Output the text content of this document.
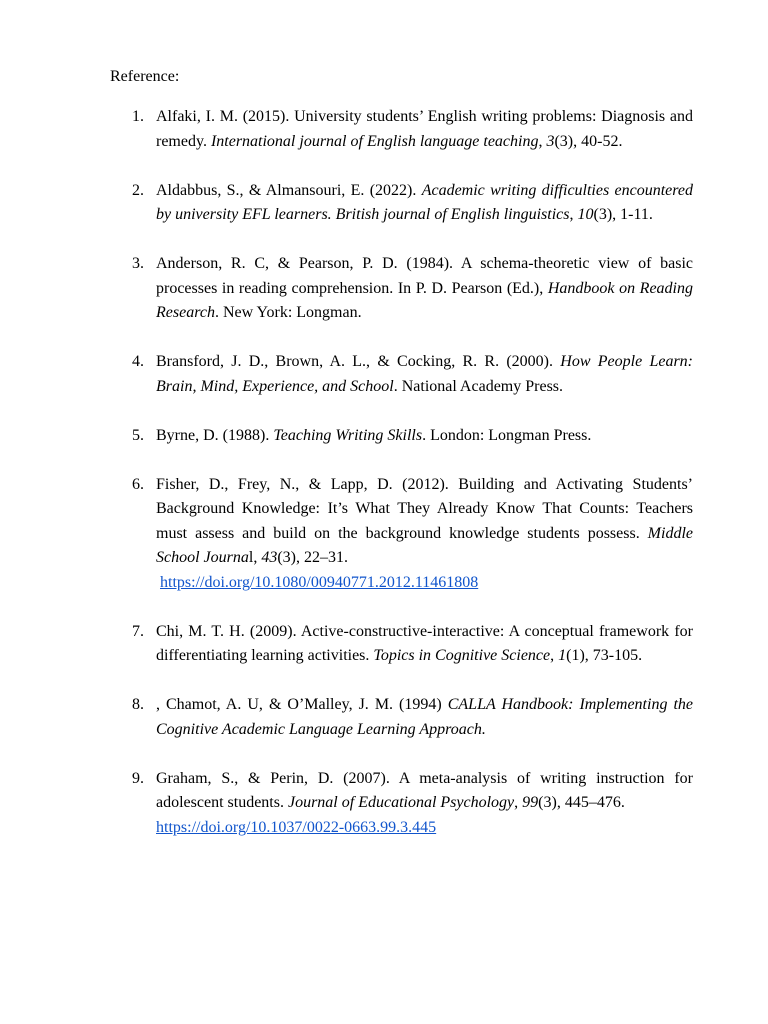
Reference:
1. Alfaki, I. M. (2015). University students’ English writing problems: Diagnosis and remedy. International journal of English language teaching, 3(3), 40-52.
2. Aldabbus, S., & Almansouri, E. (2022). Academic writing difficulties encountered by university EFL learners. British journal of English linguistics, 10(3), 1-11.
3. Anderson, R. C, & Pearson, P. D. (1984). A schema-theoretic view of basic processes in reading comprehension. In P. D. Pearson (Ed.), Handbook on Reading Research. New York: Longman.
4. Bransford, J. D., Brown, A. L., & Cocking, R. R. (2000). How People Learn: Brain, Mind, Experience, and School. National Academy Press.
5. Byrne, D. (1988). Teaching Writing Skills. London: Longman Press.
6. Fisher, D., Frey, N., & Lapp, D. (2012). Building and Activating Students’ Background Knowledge: It’s What They Already Know That Counts: Teachers must assess and build on the background knowledge students possess. Middle School Journal, 43(3), 22–31.
https://doi.org/10.1080/00940771.2012.11461808
7. Chi, M. T. H. (2009). Active-constructive-interactive: A conceptual framework for differentiating learning activities. Topics in Cognitive Science, 1(1), 73-105.
8. , Chamot, A. U, & O’Malley, J. M. (1994) CALLA Handbook: Implementing the Cognitive Academic Language Learning Approach.
9. Graham, S., & Perin, D. (2007). A meta-analysis of writing instruction for adolescent students. Journal of Educational Psychology, 99(3), 445–476.
https://doi.org/10.1037/0022-0663.99.3.445
